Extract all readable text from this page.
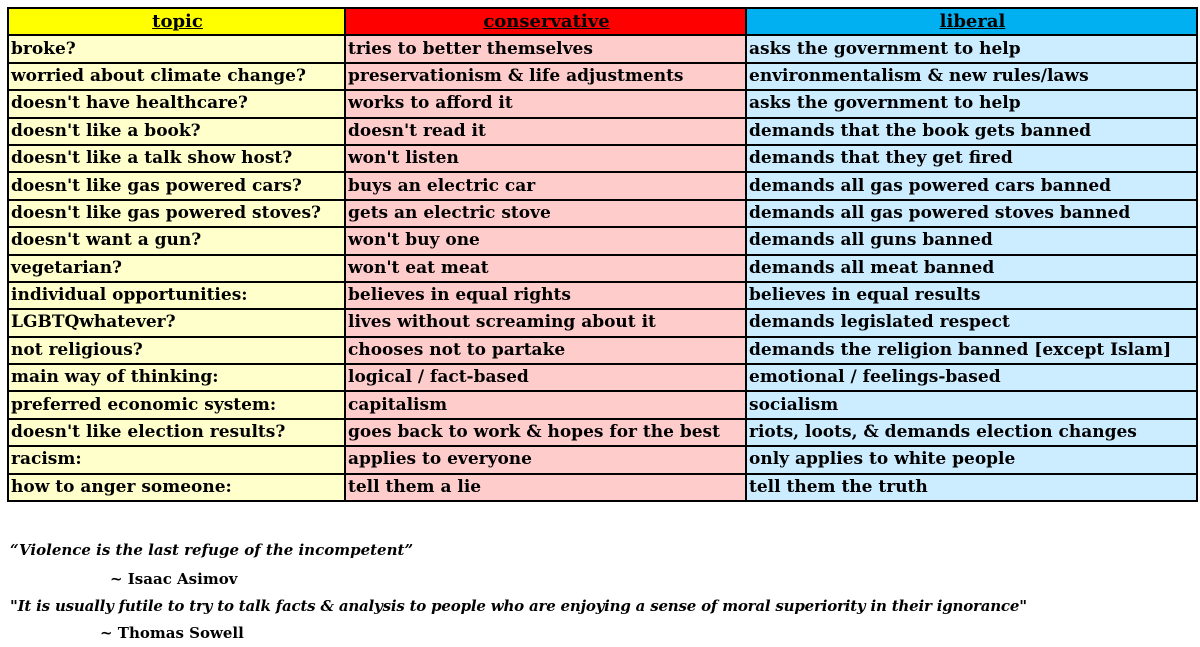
topic	conservative	liberal
broke?	tries to better themselves	asks the government to help
worried about climate change?	preservationism & life adjustments	environmentalism & new rules/laws
doesn't have healthcare?	works to afford it	asks the government to help
doesn't like a book?	doesn't read it	demands that the book gets banned
doesn't like a talk show host?	won't listen	demands that they get fired
doesn't like gas powered cars?	buys an electric car	demands all gas powered cars banned
doesn't like gas powered stoves?	gets an electric stove	demands all gas powered stoves banned
doesn't want a gun?	won't buy one	demands all guns banned
vegetarian?	won't eat meat	demands all meat banned
individual opportunities:	believes in equal rights	believes in equal results
LGBTQwhatever?	lives without screaming about it	demands legislated respect
not religious?	chooses not to partake	demands the religion banned [except Islam]
main way of thinking:	logical / fact-based	emotional / feelings-based
preferred economic system:	capitalism	socialism
doesn't like election results?	goes back to work & hopes for the best	riots, loots, & demands election changes
racism:	applies to everyone	only applies to white people
how to anger someone:	tell them a lie	tell them the truth
“Violence is the last refuge of the incompetent”
~ Isaac Asimov
"It is usually futile to try to talk facts & analysis to people who are enjoying a sense of moral superiority in their ignorance"
~ Thomas Sowell
